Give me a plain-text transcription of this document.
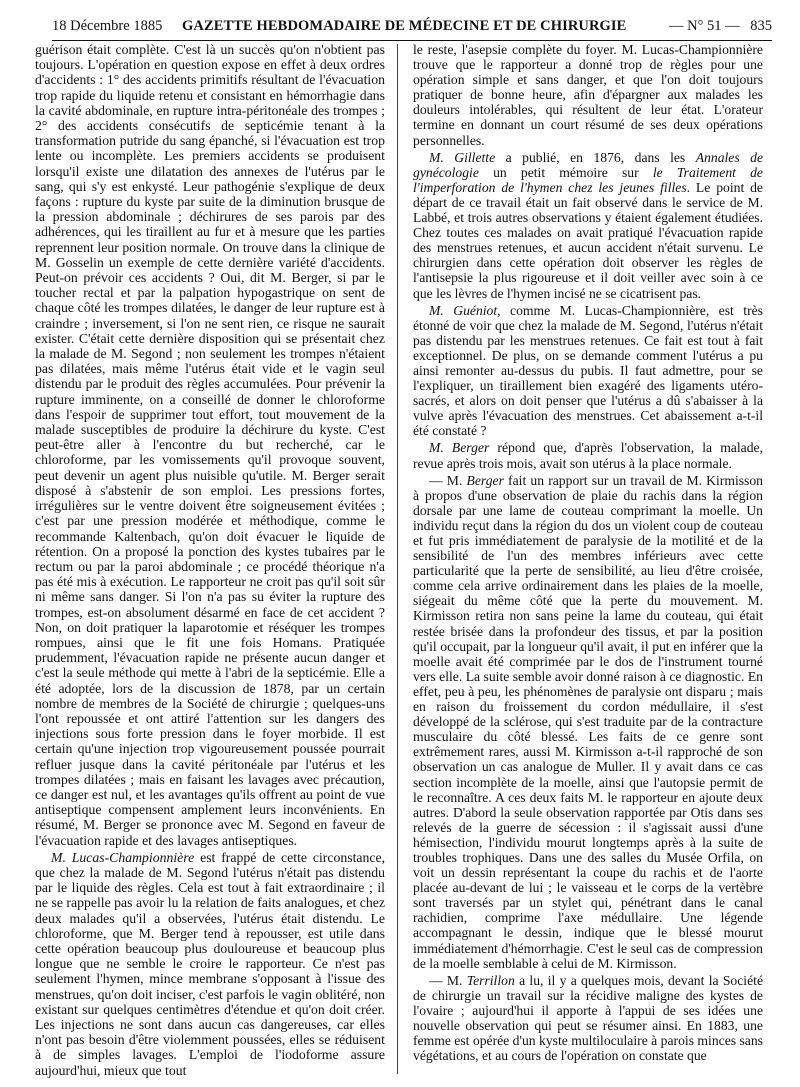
18 Décembre 1885 GAZETTE HEBDOMADAIRE DE MÉDECINE ET DE CHIRURGIE	— N° 51 — 835

guérison était complète. C'est là un succès qu'on n'obtient pas toujours. L'opération en question expose en effet à deux ordres d'accidents : 1° des accidents primitifs résultant de l'évacuation trop rapide du liquide retenu et consistant en hémorrhagie dans la cavité abdominale, en rupture intra-péritonéale des trompes ; 2° des accidents consécutifs de septicémie tenant à la transformation putride du sang épanché, si l'évacuation est trop lente ou incomplète. Les premiers accidents se produisent lorsqu'il existe une dilatation des annexes de l'utérus par le sang, qui s'y est enkysté. Leur pathogénie s'explique de deux façons : rupture du kyste par suite de la diminution brusque de la pression abdominale ; déchirures de ses parois par des adhérences, qui les tiraillent au fur et à mesure que les parties reprennent leur position normale. On trouve dans la clinique de M. Gosselin un exemple de cette dernière variété d'accidents. Peut-on prévoir ces accidents ? Oui, dit M. Berger, si par le toucher rectal et par la palpation hypogastrique on sent de chaque côté les trompes dilatées, le danger de leur rupture est à craindre ; inversement, si l'on ne sent rien, ce risque ne saurait exister. C'était cette dernière disposition qui se présentait chez la malade de M. Segond ; non seulement les trompes n'étaient pas dilatées, mais même l'utérus était vide et le vagin seul distendu par le produit des règles accumulées. Pour prévenir la rupture imminente, on a conseillé de donner le chloroforme dans l'espoir de supprimer tout effort, tout mouvement de la malade susceptibles de produire la déchirure du kyste. C'est peut-être aller à l'encontre du but recherché, car le chloroforme, par les vomissements qu'il provoque souvent, peut devenir un agent plus nuisible qu'utile. M. Berger serait disposé à s'abstenir de son emploi. Les pressions fortes, irrégulières sur le ventre doivent être soigneusement évitées ; c'est par une pression modérée et méthodique, comme le recommande Kaltenbach, qu'on doit évacuer le liquide de rétention. On a proposé la ponction des kystes tubaires par le rectum ou par la paroi abdominale ; ce procédé théorique n'a pas été mis à exécution. Le rapporteur ne croit pas qu'il soit sûr ni même sans danger. Si l'on n'a pas su éviter la rupture des trompes, est-on absolument désarmé en face de cet accident ? Non, on doit pratiquer la laparotomie et réséquer les trompes rompues, ainsi que le fit une fois Homans. Pratiquée prudemment, l'évacuation rapide ne présente aucun danger et c'est la seule méthode qui mette à l'abri de la septicémie. Elle a été adoptée, lors de la discussion de 1878, par un certain nombre de membres de la Société de chirurgie ; quelques-uns l'ont repoussée et ont attiré l'attention sur les dangers des injections sous forte pression dans le foyer morbide. Il est certain qu'une injection trop vigoureusement poussée pourrait refluer jusque dans la cavité péritonéale par l'utérus et les trompes dilatées ; mais en faisant les lavages avec précaution, ce danger est nul, et les avantages qu'ils offrent au point de vue antiseptique compensent amplement leurs inconvénients. En résumé, M. Berger se prononce avec M. Segond en faveur de l'évacuation rapide et des lavages antiseptiques.

M. Lucas-Championnière est frappé de cette circonstance, que chez la malade de M. Segond l'utérus n'était pas distendu par le liquide des règles. Cela est tout à fait extraordinaire ; il ne se rappelle pas avoir lu la relation de faits analogues, et chez deux malades qu'il a observées, l'utérus était distendu. Le chloroforme, que M. Berger tend à repousser, est utile dans cette opération beaucoup plus douloureuse et beaucoup plus longue que ne semble le croire le rapporteur. Ce n'est pas seulement l'hymen, mince membrane s'opposant à l'issue des menstrues, qu'on doit inciser, c'est parfois le vagin oblitéré, non existant sur quelques centimètres d'étendue et qu'on doit créer. Les injections ne sont dans aucun cas dangereuses, car elles n'ont pas besoin d'être violemment poussées, elles se réduisent à de simples lavages. L'emploi de l'iodoforme assure aujourd'hui, mieux que tout

le reste, l'asepsie complète du foyer. M. Lucas-Championnière trouve que le rapporteur a donné trop de règles pour une opération simple et sans danger, et que l'on doit toujours pratiquer de bonne heure, afin d'épargner aux malades les douleurs intolérables, qui résultent de leur état. L'orateur termine en donnant un court résumé de ses deux opérations personnelles.

M. Gillette a publié, en 1876, dans les Annales de gynécologie un petit mémoire sur le Traitement de l'imperforation de l'hymen chez les jeunes filles. Le point de départ de ce travail était un fait observé dans le service de M. Labbé, et trois autres observations y étaient également étudiées. Chez toutes ces malades on avait pratiqué l'évacuation rapide des menstrues retenues, et aucun accident n'était survenu. Le chirurgien dans cette opération doit observer les règles de l'antisepsie la plus rigoureuse et il doit veiller avec soin à ce que les lèvres de l'hymen incisé ne se cicatrisent pas.

M. Guéniot, comme M. Lucas-Championnière, est très étonné de voir que chez la malade de M. Segond, l'utérus n'était pas distendu par les menstrues retenues. Ce fait est tout à fait exceptionnel. De plus, on se demande comment l'utérus a pu ainsi remonter au-dessus du pubis. Il faut admettre, pour se l'expliquer, un tiraillement bien exagéré des ligaments utéro-sacrés, et alors on doit penser que l'utérus a dû s'abaisser à la vulve après l'évacuation des menstrues. Cet abaissement a-t-il été constaté ?

M. Berger répond que, d'après l'observation, la malade, revue après trois mois, avait son utérus à la place normale.

— M. Berger fait un rapport sur un travail de M. Kirmisson à propos d'une observation de plaie du rachis dans la région dorsale par une lame de couteau comprimant la moelle. Un individu reçut dans la région du dos un violent coup de couteau et fut pris immédiatement de paralysie de la motilité et de la sensibilité de l'un des membres inférieurs avec cette particularité que la perte de sensibilité, au lieu d'être croisée, comme cela arrive ordinairement dans les plaies de la moelle, siégeait du même côté que la perte du mouvement. M. Kirmisson retira non sans peine la lame du couteau, qui était restée brisée dans la profondeur des tissus, et par la position qu'il occupait, par la longueur qu'il avait, il put en inférer que la moelle avait été comprimée par le dos de l'instrument tourné vers elle. La suite semble avoir donné raison à ce diagnostic. En effet, peu à peu, les phénomènes de paralysie ont disparu ; mais en raison du froissement du cordon médullaire, il s'est développé de la sclérose, qui s'est traduite par de la contracture musculaire du côté blessé. Les faits de ce genre sont extrêmement rares, aussi M. Kirmisson a-t-il rapproché de son observation un cas analogue de Muller. Il y avait dans ce cas section incomplète de la moelle, ainsi que l'autopsie permit de le reconnaître. A ces deux faits M. le rapporteur en ajoute deux autres. D'abord la seule observation rapportée par Otis dans ses relevés de la guerre de sécession : il s'agissait aussi d'une hémisection, l'individu mourut longtemps après à la suite de troubles trophiques. Dans une des salles du Musée Orfila, on voit un dessin représentant la coupe du rachis et de l'aorte placée au-devant de lui ; le vaisseau et le corps de la vertèbre sont traversés par un stylet qui, pénétrant dans le canal rachidien, comprime l'axe médullaire. Une légende accompagnant le dessin, indique que le blessé mourut immédiatement d'hémorrhagie. C'est le seul cas de compression de la moelle semblable à celui de M. Kirmisson.

— M. Terrillon a lu, il y a quelques mois, devant la Société de chirurgie un travail sur la récidive maligne des kystes de l'ovaire ; aujourd'hui il apporte à l'appui de ses idées une nouvelle observation qui peut se résumer ainsi. En 1883, une femme est opérée d'un kyste multiloculaire à parois minces sans végétations, et au cours de l'opération on constate que
